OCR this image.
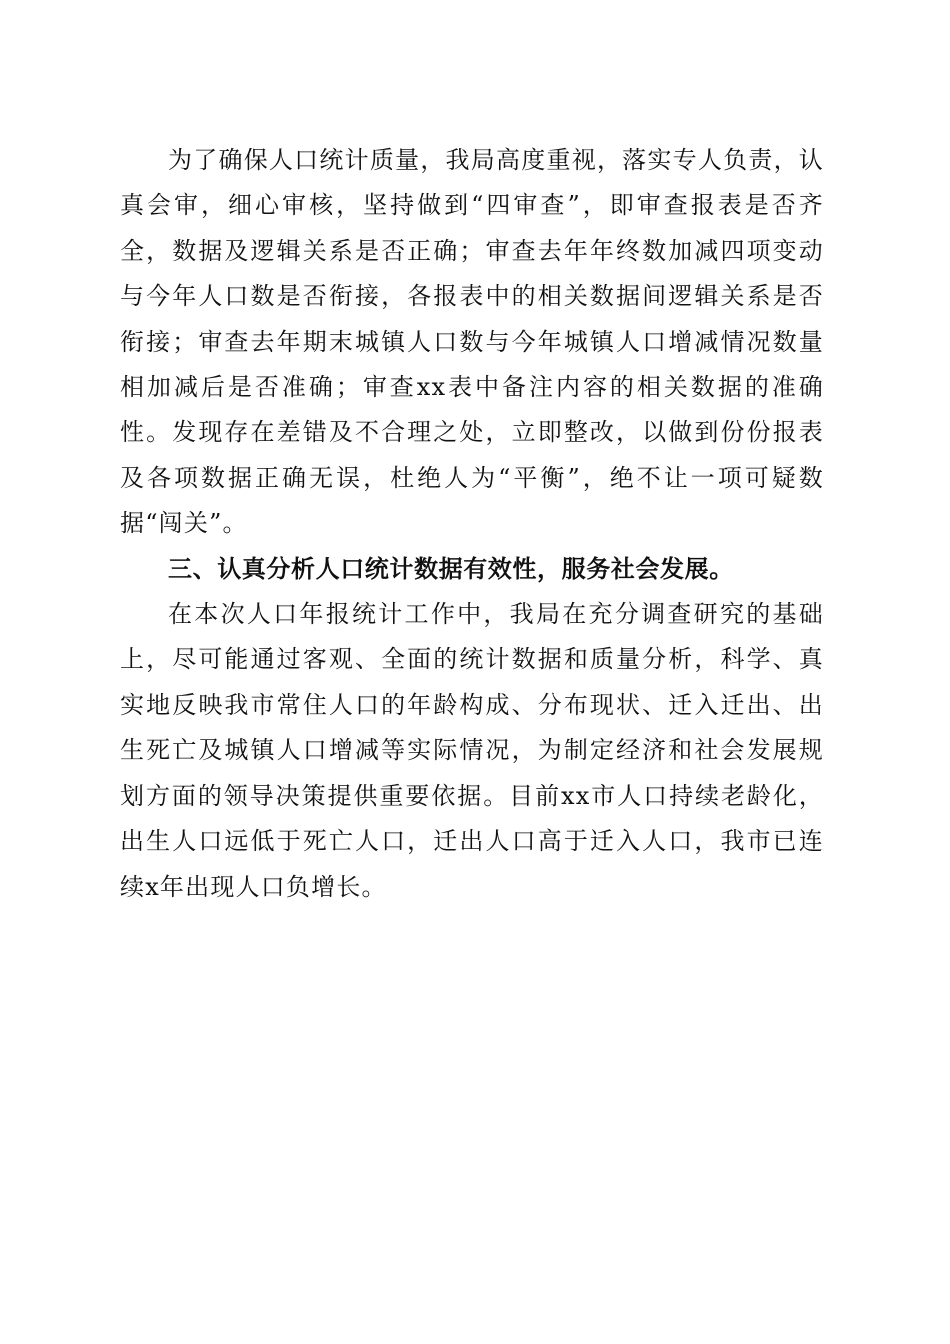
为了确保人口统计质量，我局高度重视，落实专人负责，认真会审，细心审核，坚持做到“四审查”，即审查报表是否齐全，数据及逻辑关系是否正确；审查去年年终数加减四项变动与今年人口数是否衔接，各报表中的相关数据间逻辑关系是否衔接；审查去年期末城镇人口数与今年城镇人口增减情况数量相加减后是否准确；审查xx表中备注内容的相关数据的准确性。发现存在差错及不合理之处，立即整改，以做到份份报表及各项数据正确无误，杜绝人为“平衡”，绝不让一项可疑数据“闯关”。

三、认真分析人口统计数据有效性，服务社会发展。

在本次人口年报统计工作中，我局在充分调查研究的基础上，尽可能通过客观、全面的统计数据和质量分析，科学、真实地反映我市常住人口的年龄构成、分布现状、迁入迁出、出生死亡及城镇人口增减等实际情况，为制定经济和社会发展规划方面的领导决策提供重要依据。目前xx市人口持续老龄化，出生人口远低于死亡人口，迁出人口高于迁入人口，我市已连续x年出现人口负增长。
